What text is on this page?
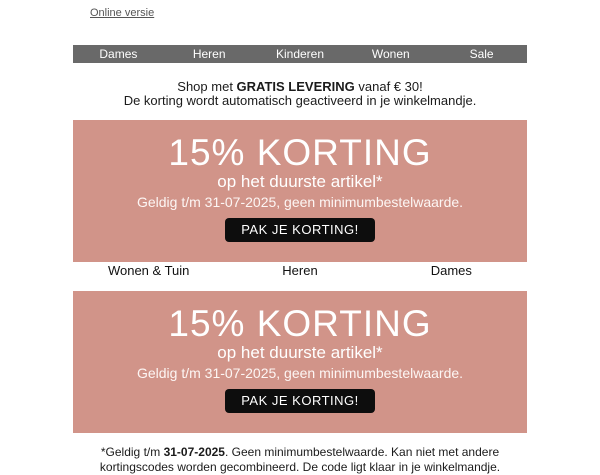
Online versie
Dames	Heren	Kinderen	Wonen	Sale
Shop met GRATIS LEVERING vanaf € 30!
De korting wordt automatisch geactiveerd in je winkelmandje.
15% KORTING
op het duurste artikel*
Geldig t/m 31-07-2025, geen minimumbestelwaarde.
PAK JE KORTING!
Wonen & Tuin	Heren	Dames
15% KORTING
op het duurste artikel*
Geldig t/m 31-07-2025, geen minimumbestelwaarde.
PAK JE KORTING!
*Geldig t/m 31-07-2025. Geen minimumbestelwaarde. Kan niet met andere kortingscodes worden gecombineerd. De code ligt klaar in je winkelmandje.
